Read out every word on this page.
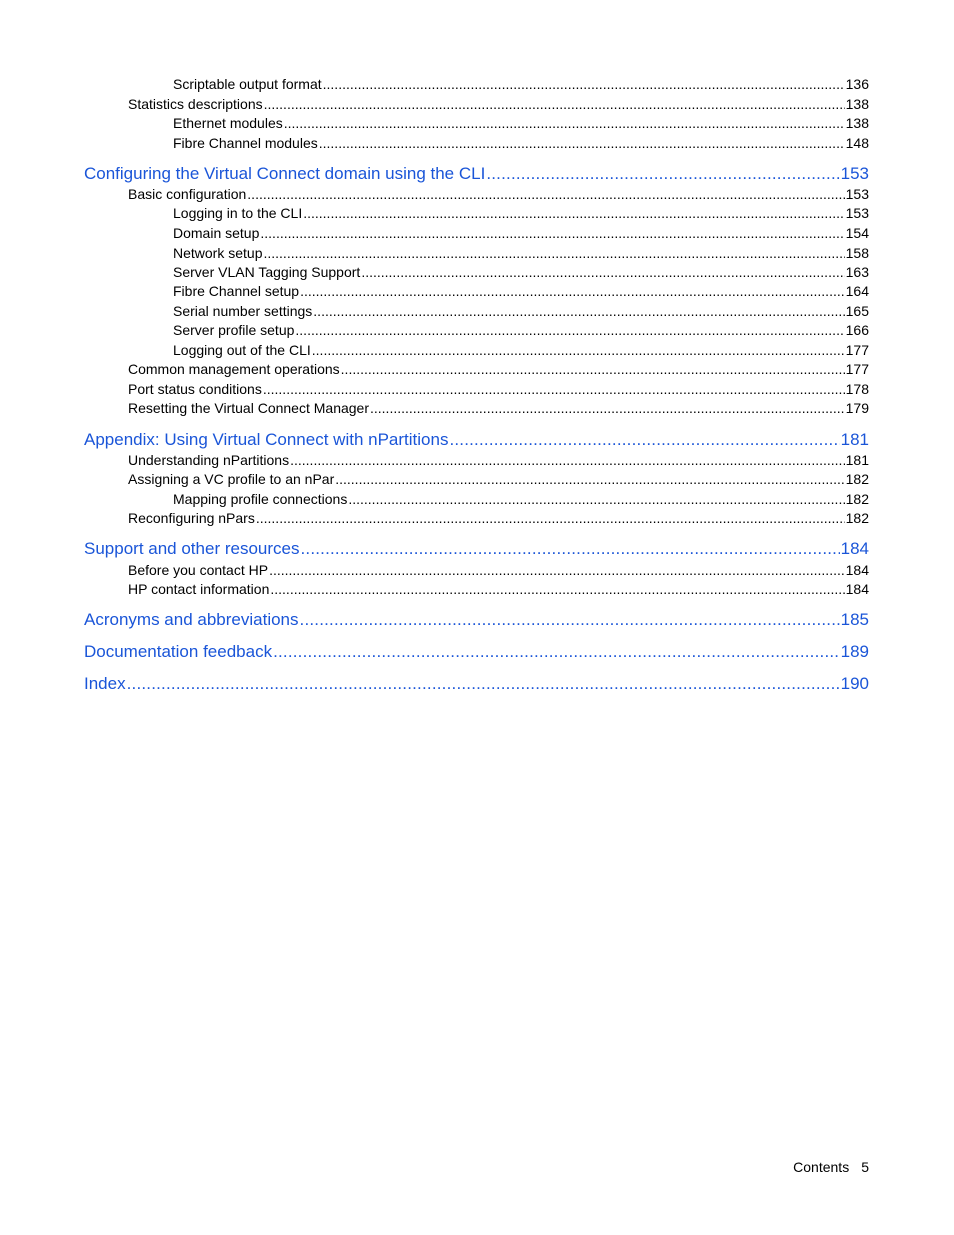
Scriptable output format .....	136
Statistics descriptions .....	138
Ethernet modules .....	138
Fibre Channel modules .....	148
Configuring the Virtual Connect domain using the CLI .....	153
Basic configuration .....	153
Logging in to the CLI .....	153
Domain setup .....	154
Network setup .....	158
Server VLAN Tagging Support .....	163
Fibre Channel setup .....	164
Serial number settings .....	165
Server profile setup .....	166
Logging out of the CLI .....	177
Common management operations .....	177
Port status conditions .....	178
Resetting the Virtual Connect Manager .....	179
Appendix: Using Virtual Connect with nPartitions .....	181
Understanding nPartitions .....	181
Assigning a VC profile to an nPar .....	182
Mapping profile connections .....	182
Reconfiguring nPars .....	182
Support and other resources .....	184
Before you contact HP .....	184
HP contact information .....	184
Acronyms and abbreviations .....	185
Documentation feedback .....	189
Index .....	190
Contents 5
